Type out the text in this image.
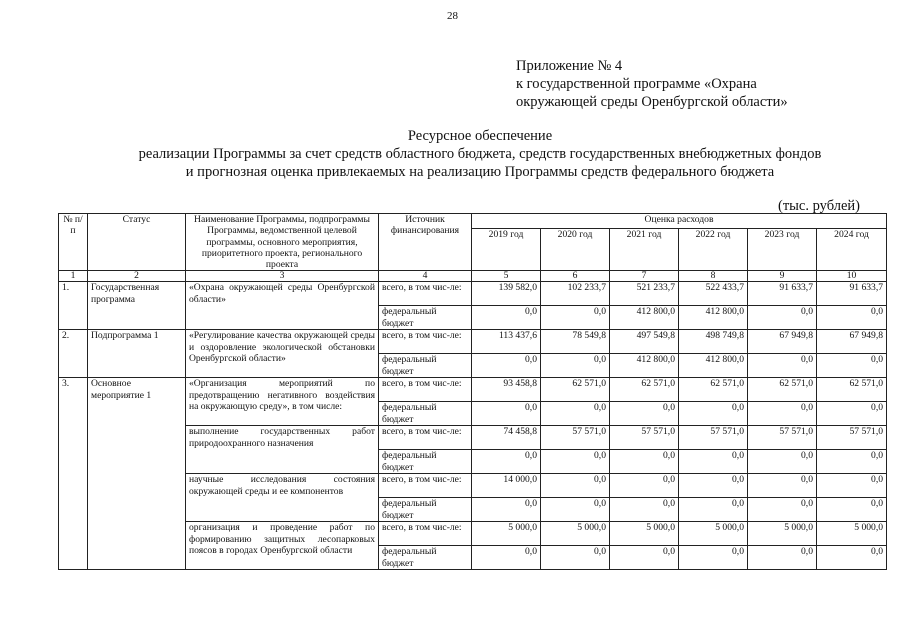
28
Приложение № 4
к государственной программе «Охрана
окружающей среды Оренбургской области»
Ресурсное обеспечение
реализации Программы за счет средств областного бюджета, средств государственных внебюджетных фондов
и прогнозная оценка привлекаемых на реализацию Программы средств федерального бюджета
(тыс. рублей)
№ п/п	Статус	Наименование Программы, подпрограммы Программы, ведомственной целевой программы, основного мероприятия, приоритетного проекта, регионального проекта	Источник финансирования	Оценка расходов					
				2019 год	2020 год	2021 год	2022 год	2023 год	2024 год
1	2	3	4	5	6	7	8	9	10
1.	Государственная программа	«Охрана окружающей среды Оренбургской области»	всего, в том чис-ле:	139 582,0	102 233,7	521 233,7	522 433,7	91 633,7	91 633,7
			федеральный бюджет	0,0	0,0	412 800,0	412 800,0	0,0	0,0
2.	Подпрограмма 1	«Регулирование качества окружающей среды и оздоровление экологической обстановки Оренбургской области»	всего, в том чис-ле:	113 437,6	78 549,8	497 549,8	498 749,8	67 949,8	67 949,8
			федеральный бюджет	0,0	0,0	412 800,0	412 800,0	0,0	0,0
3.	Основное мероприятие 1	«Организация мероприятий по предотвращению негативного воздействия на окружающую среду», в том числе:	всего, в том чис-ле:	93 458,8	62 571,0	62 571,0	62 571,0	62 571,0	62 571,0
			федеральный бюджет	0,0	0,0	0,0	0,0	0,0	0,0
		выполнение государственных работ природоохранного назначения	всего, в том чис-ле:	74 458,8	57 571,0	57 571,0	57 571,0	57 571,0	57 571,0
			федеральный бюджет	0,0	0,0	0,0	0,0	0,0	0,0
		научные исследования состояния окружающей среды и ее компонентов	всего, в том чис-ле:	14 000,0	0,0	0,0	0,0	0,0	0,0
			федеральный бюджет	0,0	0,0	0,0	0,0	0,0	0,0
		организация и проведение работ по формированию защитных лесопарковых поясов в городах Оренбургской области	всего, в том чис-ле:	5 000,0	5 000,0	5 000,0	5 000,0	5 000,0	5 000,0
			федеральный бюджет	0,0	0,0	0,0	0,0	0,0	0,0
